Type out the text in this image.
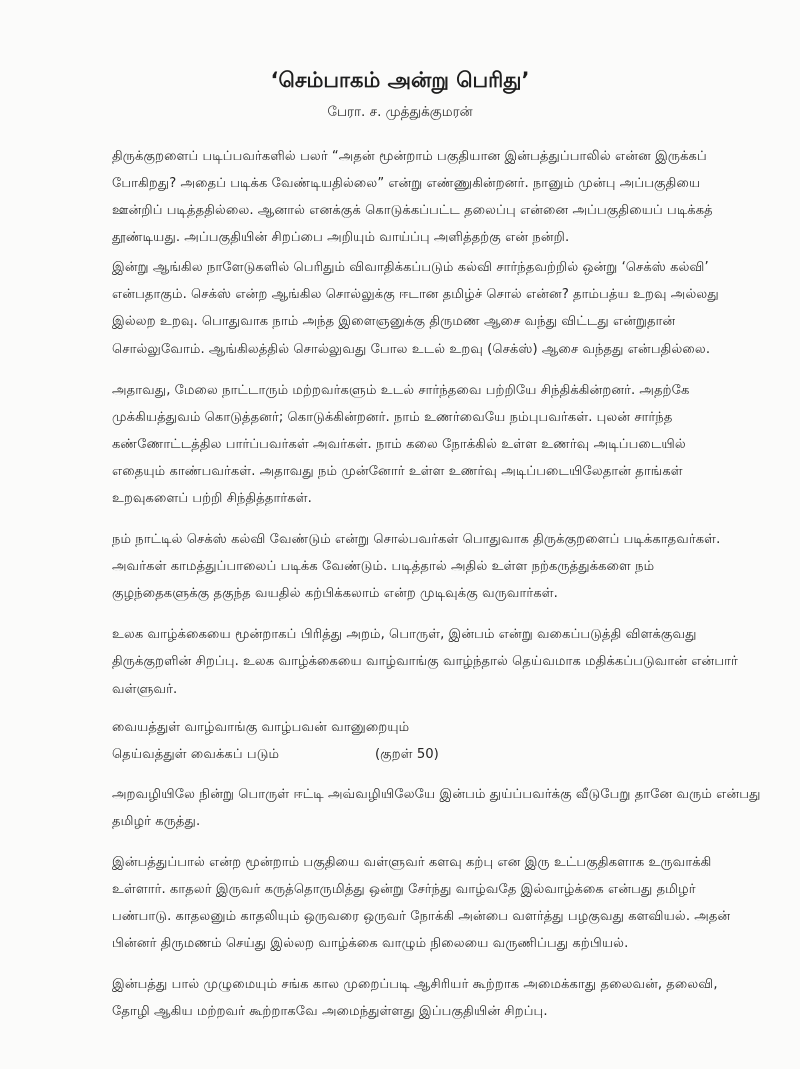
‘செம்பாகம் அன்று பெரிது’
பேரா. ச. முத்துக்குமரன்
திருக்குறளைப் படிப்பவர்களில் பலர் “அதன் மூன்றாம் பகுதியான இன்பத்துப்பாலில் என்ன இருக்கப்
போகிறது? அதைப் படிக்க வேண்டியதில்லை” என்று எண்ணுகின்றனர். நானும் முன்பு அப்பகுதியை
ஊன்றிப் படித்ததில்லை. ஆனால் எனக்குக் கொடுக்கப்பட்ட தலைப்பு என்னை அப்பகுதியைப் படிக்கத்
தூண்டியது. அப்பகுதியின் சிறப்பை அறியும் வாய்ப்பு அளித்தற்கு என் நன்றி.
இன்று ஆங்கில நாளேடுகளில் பெரிதும் விவாதிக்கப்படும் கல்வி சார்ந்தவற்றில் ஒன்று ‘செக்ஸ் கல்வி’
என்பதாகும். செக்ஸ் என்ற ஆங்கில சொல்லுக்கு ஈடான தமிழ்ச் சொல் என்ன? தாம்பத்ய உறவு அல்லது
இல்லற உறவு. பொதுவாக நாம் அந்த இளைஞனுக்கு திருமண ஆசை வந்து விட்டது என்றுதான்
சொல்லுவோம். ஆங்கிலத்தில் சொல்லுவது போல உடல் உறவு (செக்ஸ்) ஆசை வந்தது என்பதில்லை.
அதாவது, மேலை நாட்டாரும் மற்றவர்களும் உடல் சார்ந்தவை பற்றியே சிந்திக்கின்றனர். அதற்கே
முக்கியத்துவம் கொடுத்தனர்; கொடுக்கின்றனர். நாம் உணர்வையே நம்புபவர்கள். புலன் சார்ந்த
கண்ணோட்டத்தில பார்ப்பவர்கள் அவர்கள். நாம் கலை நோக்கில் உள்ள உணர்வு அடிப்படையில்
எதையும் காண்பவர்கள். அதாவது நம் முன்னோர் உள்ள உணர்வு அடிப்படையிலேதான் தாங்கள்
உறவுகளைப் பற்றி சிந்தித்தார்கள்.
நம் நாட்டில் செக்ஸ் கல்வி வேண்டும் என்று சொல்பவர்கள் பொதுவாக திருக்குறளைப் படிக்காதவர்கள்.
அவர்கள் காமத்துப்பாலைப் படிக்க வேண்டும். படித்தால் அதில் உள்ள நற்கருத்துக்களை நம்
குழந்தைகளுக்கு தகுந்த வயதில் கற்பிக்கலாம் என்ற முடிவுக்கு வருவார்கள்.
உலக வாழ்க்கையை மூன்றாகப் பிரித்து அறம், பொருள், இன்பம் என்று வகைப்படுத்தி விளக்குவது
திருக்குறளின் சிறப்பு. உலக வாழ்க்கையை வாழ்வாங்கு வாழ்ந்தால் தெய்வமாக மதிக்கப்படுவான் என்பார்
வள்ளுவர்.
வையத்துள் வாழ்வாங்கு வாழ்பவன் வானுறையும்
தெய்வத்துள் வைக்கப் படும்	(குறள் 50)
அறவழியிலே நின்று பொருள் ஈட்டி அவ்வழியிலேயே இன்பம் துய்ப்பவர்க்கு வீடுபேறு தானே வரும் என்பது
தமிழர் கருத்து.
இன்பத்துப்பால் என்ற மூன்றாம் பகுதியை வள்ளுவர் களவு கற்பு என இரு உட்பகுதிகளாக உருவாக்கி
உள்ளார். காதலர் இருவர் கருத்தொருமித்து ஒன்று சேர்ந்து வாழ்வதே இல்வாழ்க்கை என்பது தமிழர்
பண்பாடு. காதலனும் காதலியும் ஒருவரை ஒருவர் நோக்கி அன்பை வளர்த்து பழகுவது களவியல். அதன்
பின்னர் திருமணம் செய்து இல்லற வாழ்க்கை வாழும் நிலையை வருணிப்பது கற்பியல்.
இன்பத்து பால் முழுமையும் சங்க கால முறைப்படி ஆசிரியர் கூற்றாக அமைக்காது தலைவன், தலைவி,
தோழி ஆகிய மற்றவர் கூற்றாகவே அமைந்துள்ளது இப்பகுதியின் சிறப்பு.
